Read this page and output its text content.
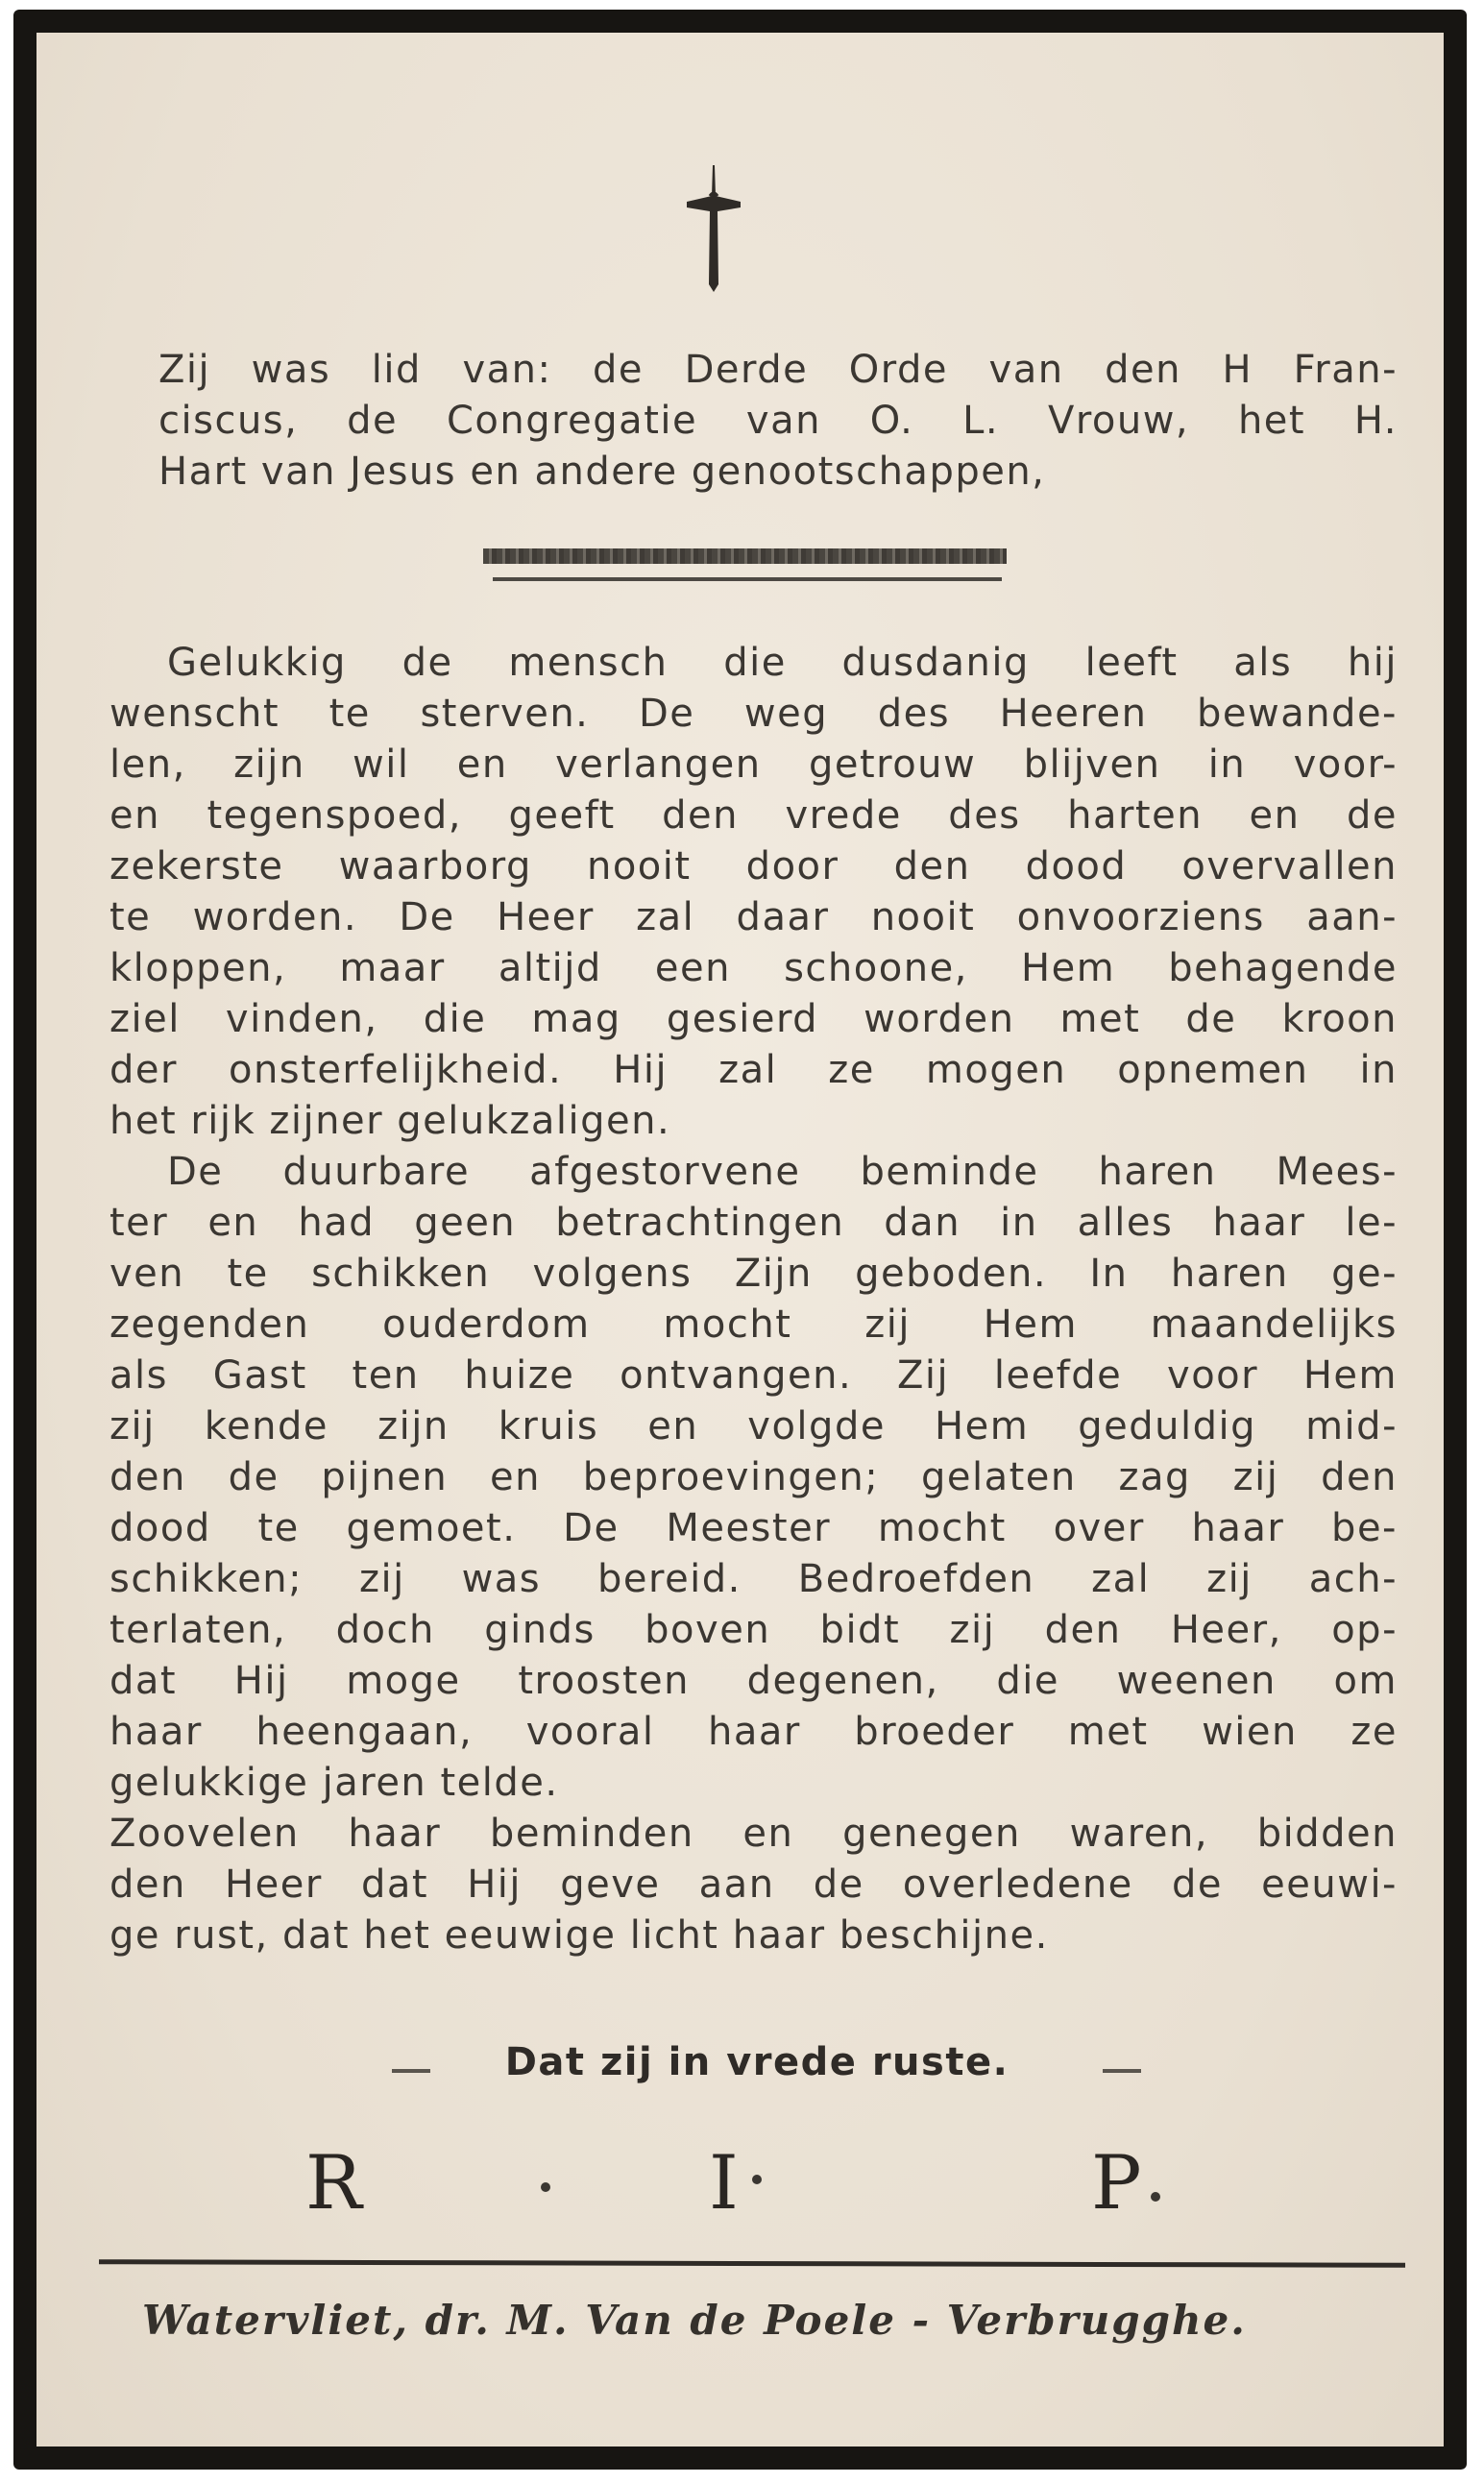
Zij was lid van: de Derde Orde van den H Fran-
ciscus, de Congregatie van O. L. Vrouw, het H.
Hart van Jesus en andere genootschappen,
Gelukkig de mensch die dusdanig leeft als hij
wenscht te sterven. De weg des Heeren bewande-
len, zijn wil en verlangen getrouw blijven in voor-
en tegenspoed, geeft den vrede des harten en de
zekerste waarborg nooit door den dood overvallen
te worden. De Heer zal daar nooit onvoorziens aan-
kloppen, maar altijd een schoone, Hem behagende
ziel vinden, die mag gesierd worden met de kroon
der onsterfelijkheid. Hij zal ze mogen opnemen in
het rijk zijner gelukzaligen.
De duurbare afgestorvene beminde haren Mees-
ter en had geen betrachtingen dan in alles haar le-
ven te schikken volgens Zijn geboden. In haren ge-
zegenden ouderdom mocht zij Hem maandelijks
als Gast ten huize ontvangen. Zij leefde voor Hem
zij kende zijn kruis en volgde Hem geduldig mid-
den de pijnen en beproevingen; gelaten zag zij den
dood te gemoet. De Meester mocht over haar be-
schikken; zij was bereid. Bedroefden zal zij ach-
terlaten, doch ginds boven bidt zij den Heer, op-
dat Hij moge troosten degenen, die weenen om
haar heengaan, vooral haar broeder met wien ze
gelukkige jaren telde.
Zoovelen haar beminden en genegen waren, bidden
den Heer dat Hij geve aan de overledene de eeuwi-
ge rust, dat het eeuwige licht haar beschijne.
Dat zij in vrede ruste.
R	I	P
Watervliet, dr. M. Van de Poele - Verbrugghe.
